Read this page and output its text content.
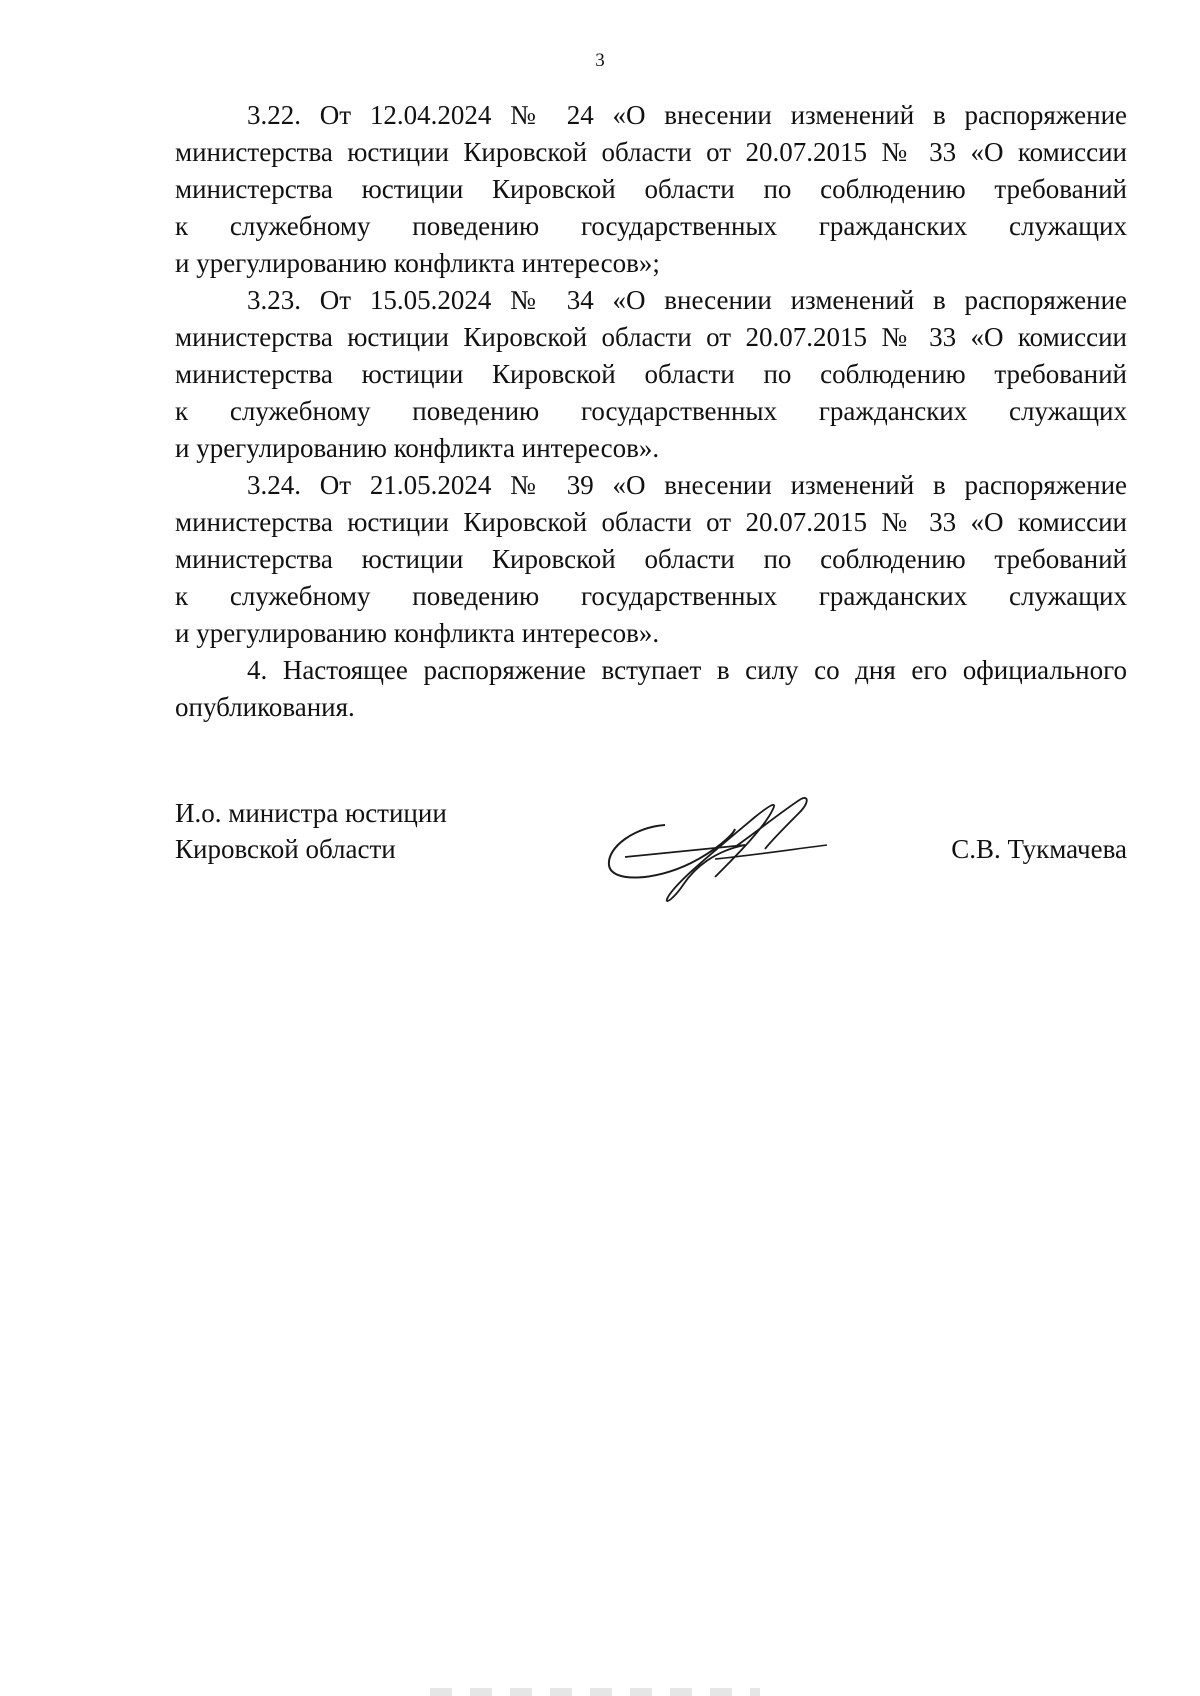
3

3.22. От 12.04.2024 № 24 «О внесении изменений в распоряжение
министерства юстиции Кировской области от 20.07.2015 № 33 «О комиссии
министерства юстиции Кировской области по соблюдению требований
к служебному поведению государственных гражданских служащих
и урегулированию конфликта интересов»;

3.23. От 15.05.2024 № 34 «О внесении изменений в распоряжение
министерства юстиции Кировской области от 20.07.2015 № 33 «О комиссии
министерства юстиции Кировской области по соблюдению требований
к служебному поведению государственных гражданских служащих
и урегулированию конфликта интересов».

3.24. От 21.05.2024 № 39 «О внесении изменений в распоряжение
министерства юстиции Кировской области от 20.07.2015 № 33 «О комиссии
министерства юстиции Кировской области по соблюдению требований
к служебному поведению государственных гражданских служащих
и урегулированию конфликта интересов».

4. Настоящее распоряжение вступает в силу со дня его официального
опубликования.

И.о. министра юстиции
Кировской области	С.В. Тукмачева
